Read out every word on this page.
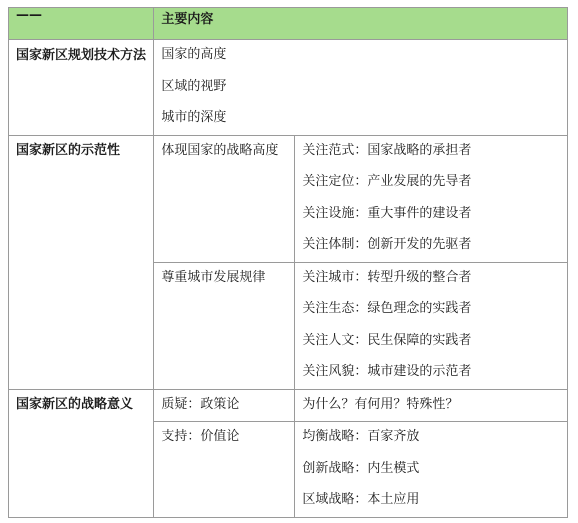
——	主要内容	

国家新区规划技术方法	国家的高度
区域的视野
城市的深度	

国家新区的示范性	体现国家的战略高度	关注范式：国家战略的承担者
关注定位：产业发展的先导者
关注设施：重大事件的建设者
关注体制：创新开发的先驱者

	尊重城市发展规律	关注城市：转型升级的整合者
关注生态：绿色理念的实践者
关注人文：民生保障的实践者
关注风貌：城市建设的示范者

国家新区的战略意义	质疑：政策论	为什么？有何用？特殊性？

	支持：价值论	均衡战略：百家齐放
创新战略：内生模式
区域战略：本土应用
